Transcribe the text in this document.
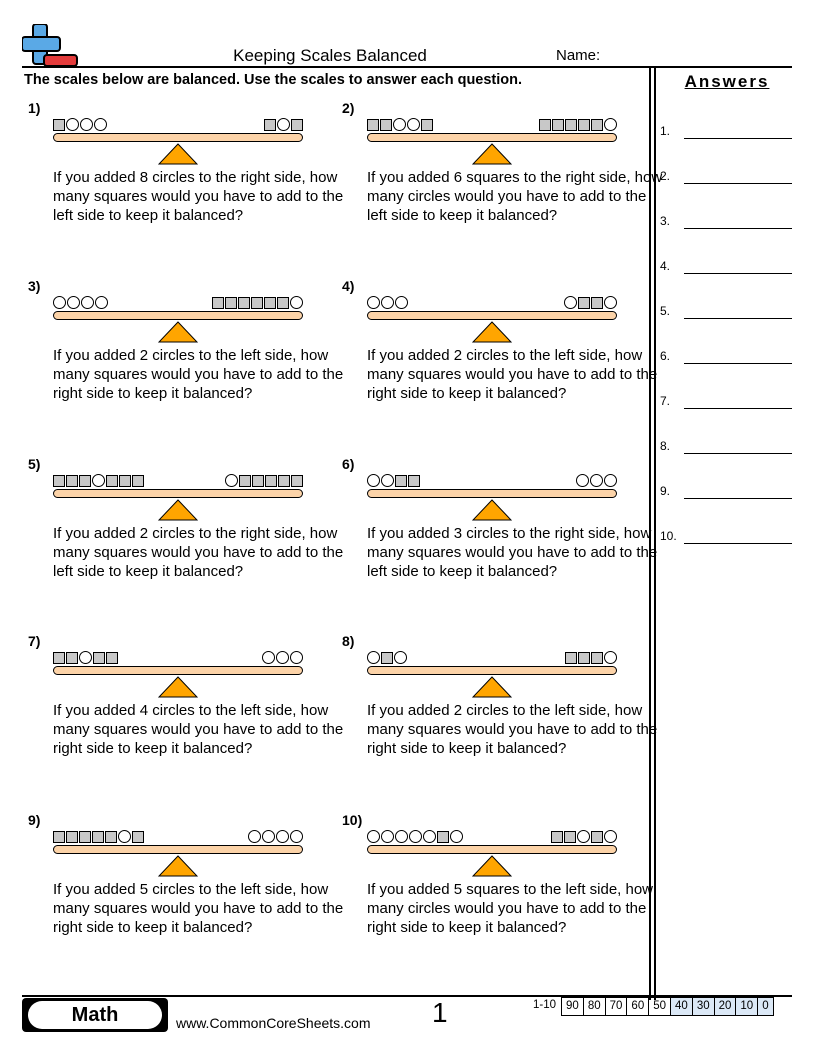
Keeping Scales Balanced	Name:
The scales below are balanced. Use the scales to answer each question.	Answers
1.
2.
3.
4.
5.
6.
7.
8.
9.
10.
1)
If you added 8 circles to the right side, how many squares would you have to add to the left side to keep it balanced?
2)
If you added 6 squares to the right side, how many circles would you have to add to the left side to keep it balanced?
3)
If you added 2 circles to the left side, how many squares would you have to add to the right side to keep it balanced?
4)
If you added 2 circles to the left side, how many squares would you have to add to the right side to keep it balanced?
5)
If you added 2 circles to the right side, how many squares would you have to add to the left side to keep it balanced?
6)
If you added 3 circles to the right side, how many squares would you have to add to the left side to keep it balanced?
7)
If you added 4 circles to the left side, how many squares would you have to add to the right side to keep it balanced?
8)
If you added 2 circles to the left side, how many squares would you have to add to the right side to keep it balanced?
9)
If you added 5 circles to the left side, how many squares would you have to add to the right side to keep it balanced?
10)
If you added 5 squares to the left side, how many circles would you have to add to the right side to keep it balanced?
Math	www.CommonCoreSheets.com 1	1-10 90 80 70 60 50 40 30 20 10 0
